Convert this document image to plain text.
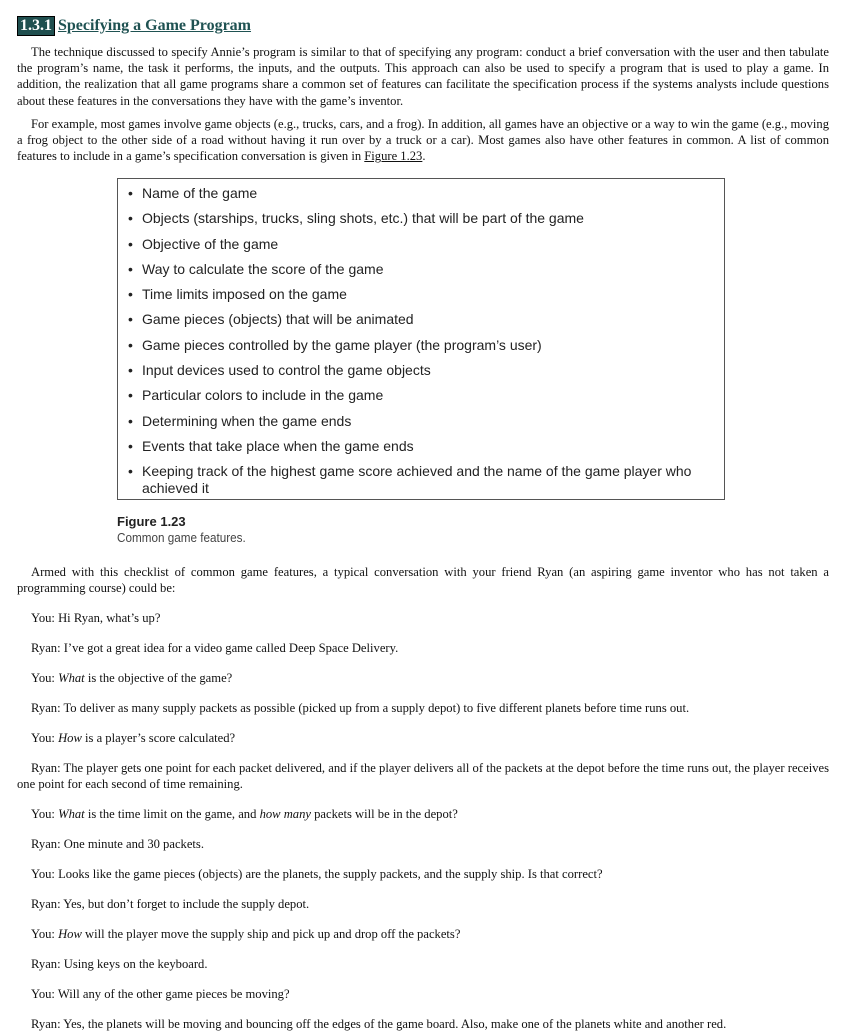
1.3.1 Specifying a Game Program

The technique discussed to specify Annie’s program is similar to that of specifying any program: conduct a brief conversation with the user and then tabulate the program’s name, the task it performs, the inputs, and the outputs. This approach can also be used to specify a program that is used to play a game. In addition, the realization that all game programs share a common set of features can facilitate the specification process if the systems analysts include questions about these features in the conversations they have with the game’s inventor.

For example, most games involve game objects (e.g., trucks, cars, and a frog). In addition, all games have an objective or a way to win the game (e.g., moving a frog object to the other side of a road without having it run over by a truck or a car). Most games also have other features in common. A list of common features to include in a game’s specification conversation is given in Figure 1.23.

• Name of the game
• Objects (starships, trucks, sling shots, etc.) that will be part of the game
• Objective of the game
• Way to calculate the score of the game
• Time limits imposed on the game
• Game pieces (objects) that will be animated
• Game pieces controlled by the game player (the program’s user)
• Input devices used to control the game objects
• Particular colors to include in the game
• Determining when the game ends
• Events that take place when the game ends
• Keeping track of the highest game score achieved and the name of the game player who achieved it
Figure 1.23
Common game features.

Armed with this checklist of common game features, a typical conversation with your friend Ryan (an aspiring game inventor who has not taken a programming course) could be:

You: Hi Ryan, what’s up?
Ryan: I’ve got a great idea for a video game called Deep Space Delivery.
You: What is the objective of the game?
Ryan: To deliver as many supply packets as possible (picked up from a supply depot) to five different planets before time runs out.
You: How is a player’s score calculated?
Ryan: The player gets one point for each packet delivered, and if the player delivers all of the packets at the depot before the time runs out, the player receives one point for each second of time remaining.
You: What is the time limit on the game, and how many packets will be in the depot?
Ryan: One minute and 30 packets.
You: Looks like the game pieces (objects) are the planets, the supply packets, and the supply ship. Is that correct?
Ryan: Yes, but don’t forget to include the supply depot.
You: How will the player move the supply ship and pick up and drop off the packets?
Ryan: Using keys on the keyboard.
You: Will any of the other game pieces be moving?
Ryan: Yes, the planets will be moving and bouncing off the edges of the game board. Also, make one of the planets white and another red.
